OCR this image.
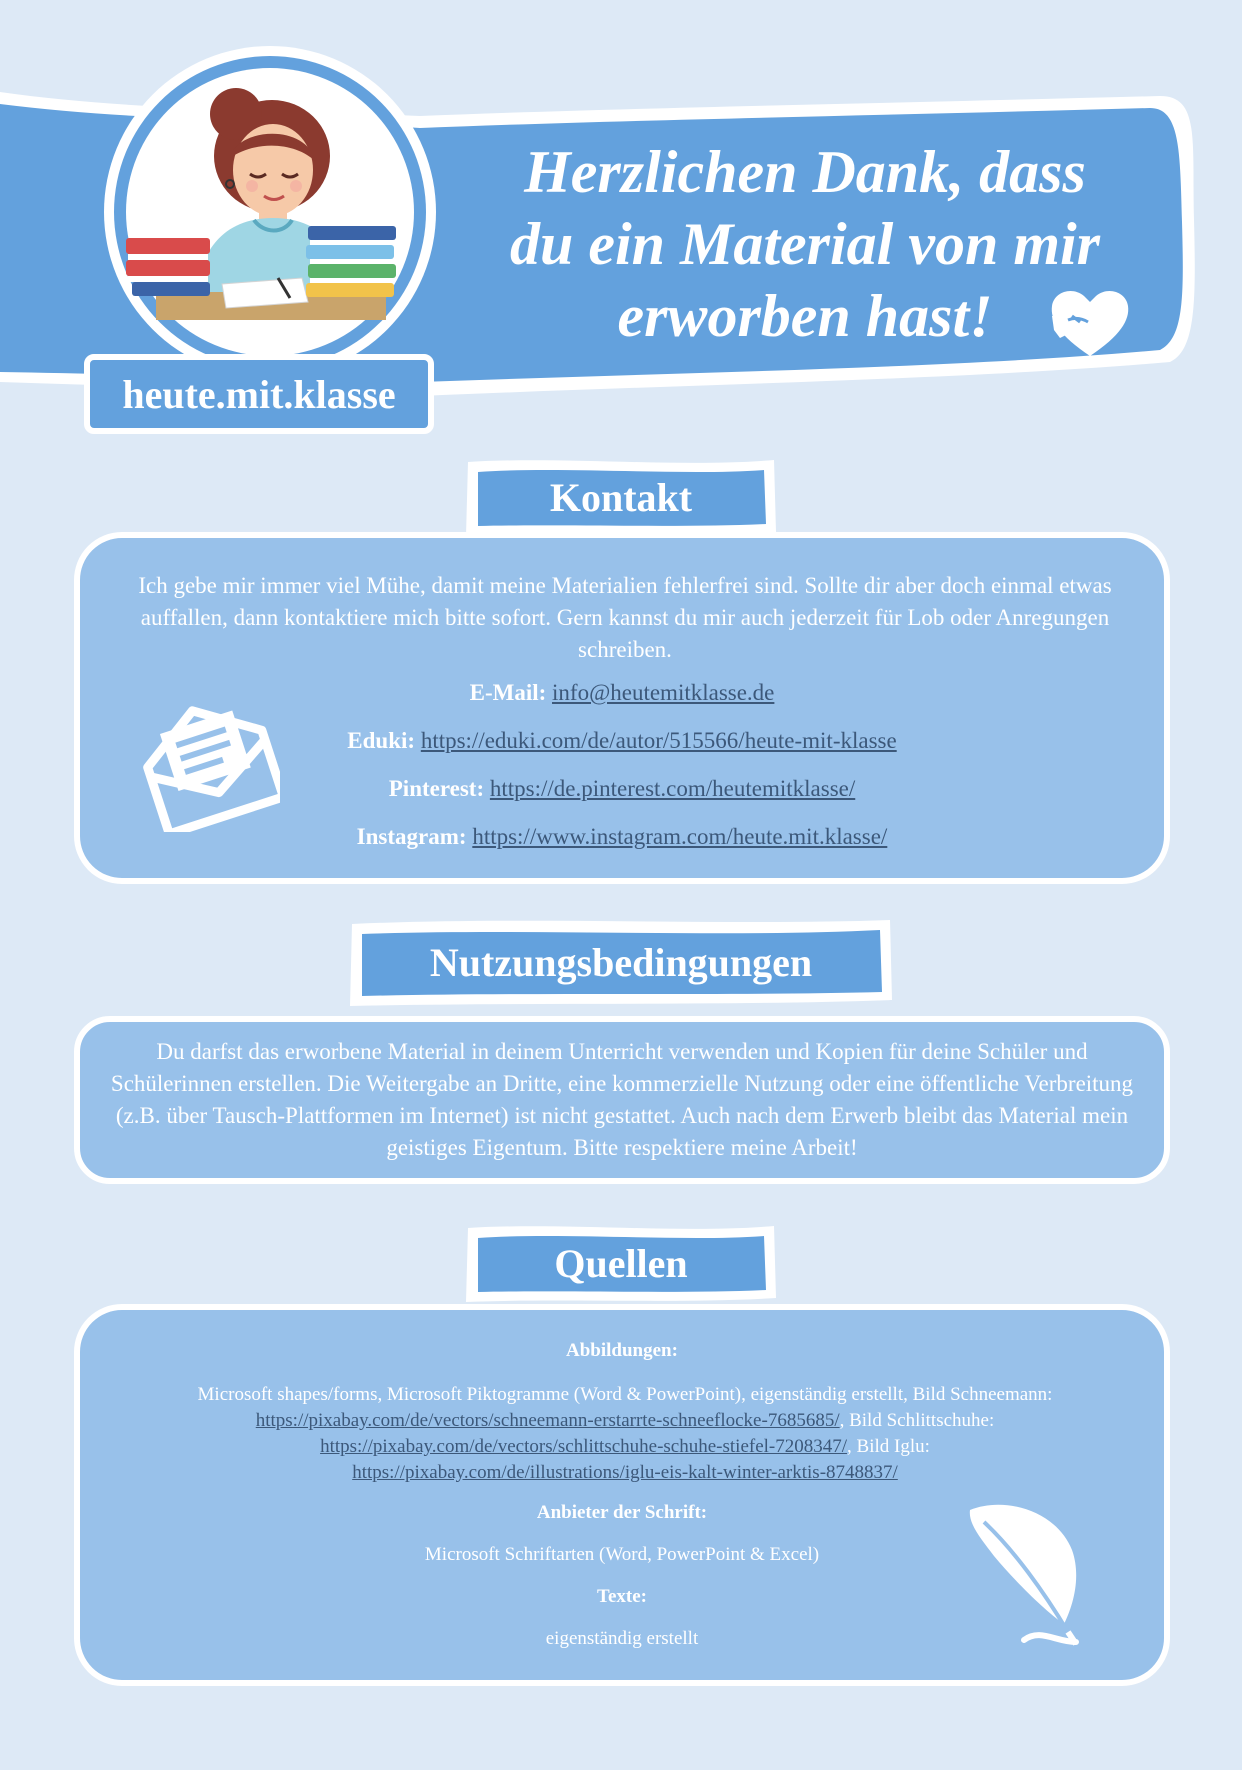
Herzlichen Dank, dass
du ein Material von mir
erworben hast!
heute.mit.klasse
Kontakt
Ich gebe mir immer viel Mühe, damit meine Materialien fehlerfrei sind. Sollte dir aber doch einmal etwas auffallen, dann kontaktiere mich bitte sofort. Gern kannst du mir auch jederzeit für Lob oder Anregungen schreiben.
E-Mail: info@heutemitklasse.de
Eduki: https://eduki.com/de/autor/515566/heute-mit-klasse
Pinterest: https://de.pinterest.com/heutemitklasse/
Instagram: https://www.instagram.com/heute.mit.klasse/
Nutzungsbedingungen
Du darfst das erworbene Material in deinem Unterricht verwenden und Kopien für deine Schüler und Schülerinnen erstellen. Die Weitergabe an Dritte, eine kommerzielle Nutzung oder eine öffentliche Verbreitung (z.B. über Tausch-Plattformen im Internet) ist nicht gestattet. Auch nach dem Erwerb bleibt das Material mein geistiges Eigentum. Bitte respektiere meine Arbeit!
Quellen
Abbildungen:
Microsoft shapes/forms, Microsoft Piktogramme (Word & PowerPoint), eigenständig erstellt, Bild Schneemann:
https://pixabay.com/de/vectors/schneemann-erstarrte-schneeflocke-7685685/, Bild Schlittschuhe:
https://pixabay.com/de/vectors/schlittschuhe-schuhe-stiefel-7208347/, Bild Iglu:
https://pixabay.com/de/illustrations/iglu-eis-kalt-winter-arktis-8748837/
Anbieter der Schrift:
Microsoft Schriftarten (Word, PowerPoint & Excel)
Texte:
eigenständig erstellt
